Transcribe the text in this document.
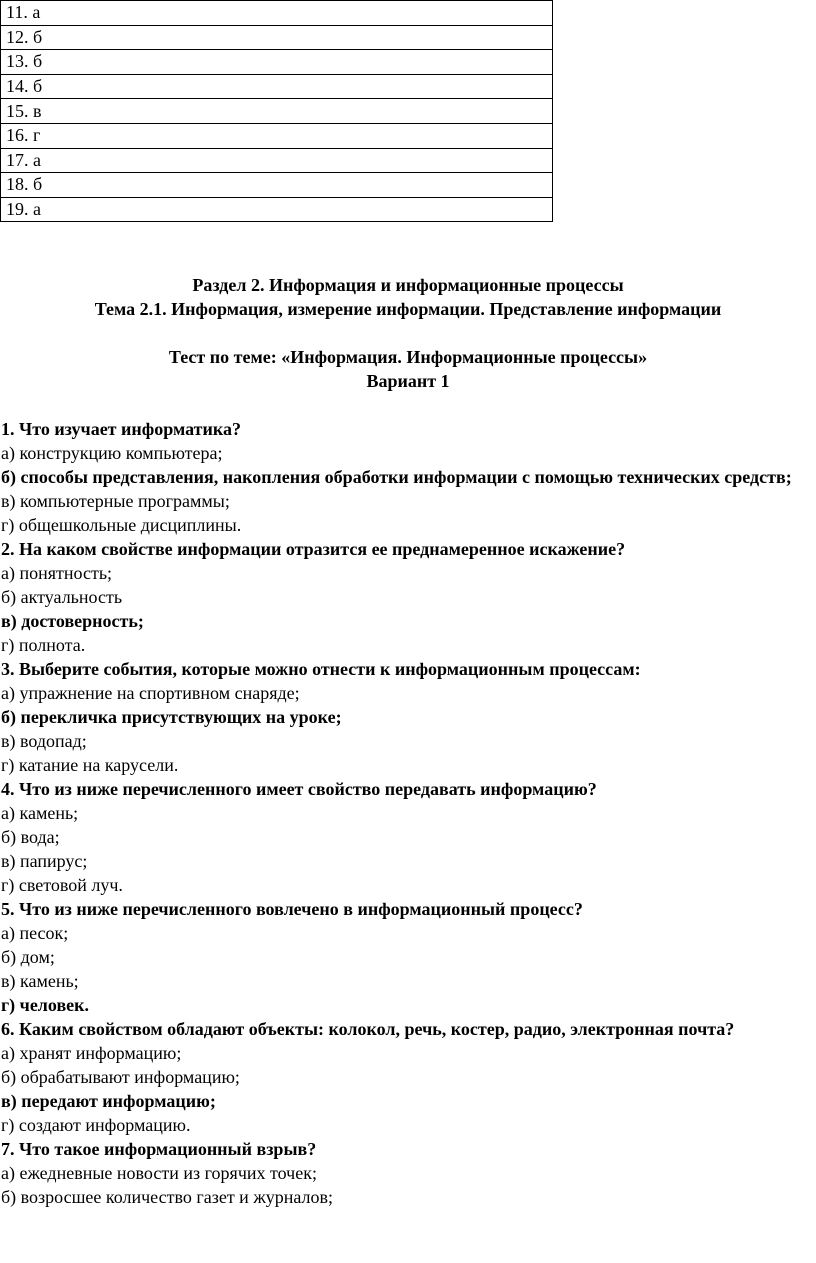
11. а
12. б
13. б
14. б
15. в
16. г
17. а
18. б
19. а
Раздел 2. Информация и информационные процессы
Тема 2.1. Информация, измерение информации. Представление информации
Тест по теме: «Информация. Информационные процессы»
Вариант 1
1. Что изучает информатика?
а) конструкцию компьютера;
б) способы представления, накопления обработки информации с помощью технических средств;
в) компьютерные программы;
г) общешкольные дисциплины.
2. На каком свойстве информации отразится ее преднамеренное искажение?
а) понятность;
б) актуальность
в) достоверность;
г) полнота.
3. Выберите события, которые можно отнести к информационным процессам:
а) упражнение на спортивном снаряде;
б) перекличка присутствующих на уроке;
в) водопад;
г) катание на карусели.
4. Что из ниже перечисленного имеет свойство передавать информацию?
а) камень;
б) вода;
в) папирус;
г) световой луч.
5. Что из ниже перечисленного вовлечено в информационный процесс?
а) песок;
б) дом;
в) камень;
г) человек.
6. Каким свойством обладают объекты: колокол, речь, костер, радио, электронная почта?
а) хранят информацию;
б) обрабатывают информацию;
в) передают информацию;
г) создают информацию.
7. Что такое информационный взрыв?
а) ежедневные новости из горячих точек;
б) возросшее количество газет и журналов;
